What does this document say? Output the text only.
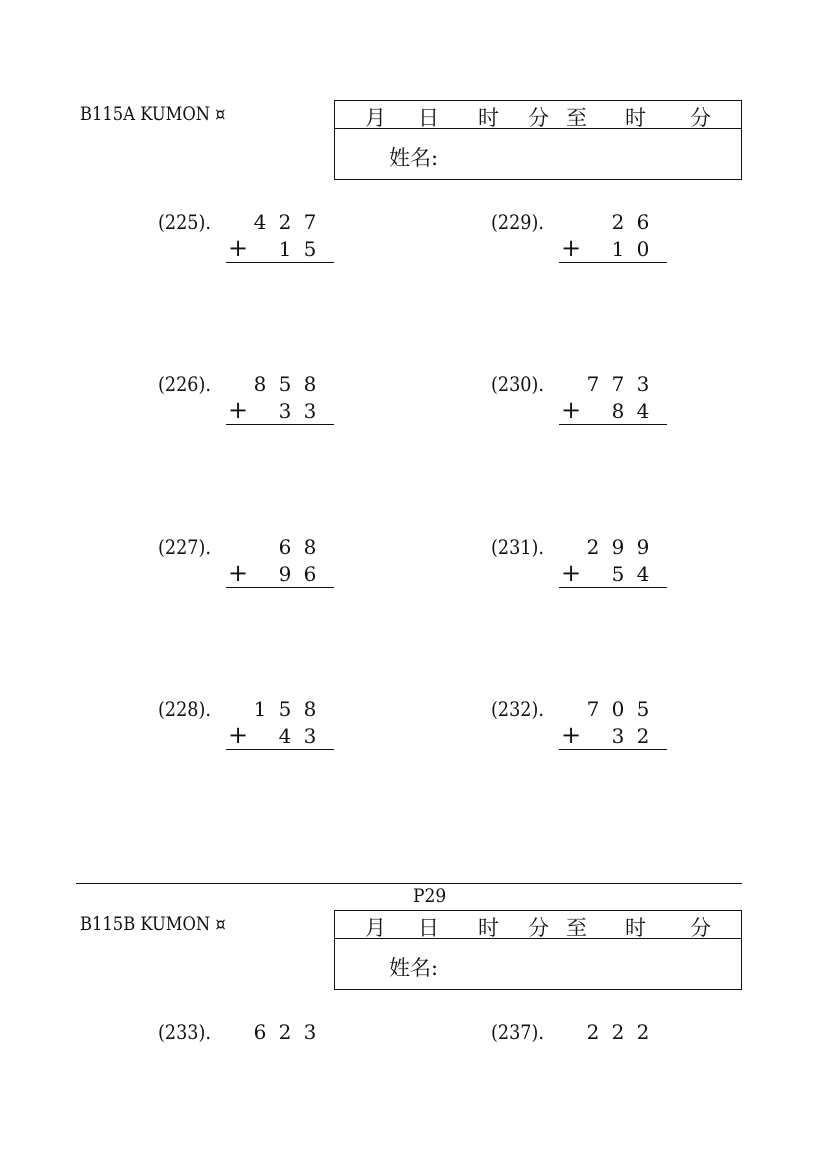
B115A KUMON ¤	月 日 时 分 至 时 分
姓名:
(225). 4 2 7
+ 1 5
(229).	2 6
+ 1 0
(226). 8 5 8
+ 3 3
(230). 7 7 3
+ 8 4
(227).	6 8
+ 9 6
(231). 2 9 9
+ 5 4
(228). 1 5 8
+ 4 3
(232). 7 0 5
+ 3 2
P29
B115B KUMON ¤	月 日 时 分 至 时 分
姓名:
(233). 6 2 3	(237). 2 2 2
